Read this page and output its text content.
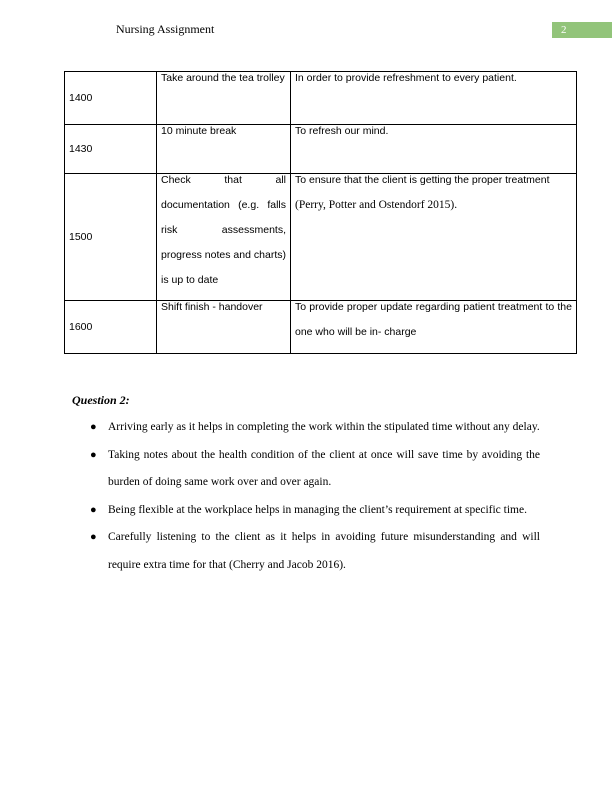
Nursing Assignment	2
1400	Take around the tea trolley	In order to provide refreshment to every patient.

1430	10 minute break	To refresh our mind.

1500	Check that all documentation (e.g. falls risk assessments, progress notes and charts) is up to date	To ensure that the client is getting the proper treatment (Perry, Potter and Ostendorf 2015).

1600	Shift finish - handover	To provide proper update regarding patient treatment to the one who will be in- charge
Question 2:
● Arriving early as it helps in completing the work within the stipulated time without any delay.
● Taking notes about the health condition of the client at once will save time by avoiding the burden of doing same work over and over again.
● Being flexible at the workplace helps in managing the client’s requirement at specific time.
● Carefully listening to the client as it helps in avoiding future misunderstanding and will require extra time for that (Cherry and Jacob 2016).
